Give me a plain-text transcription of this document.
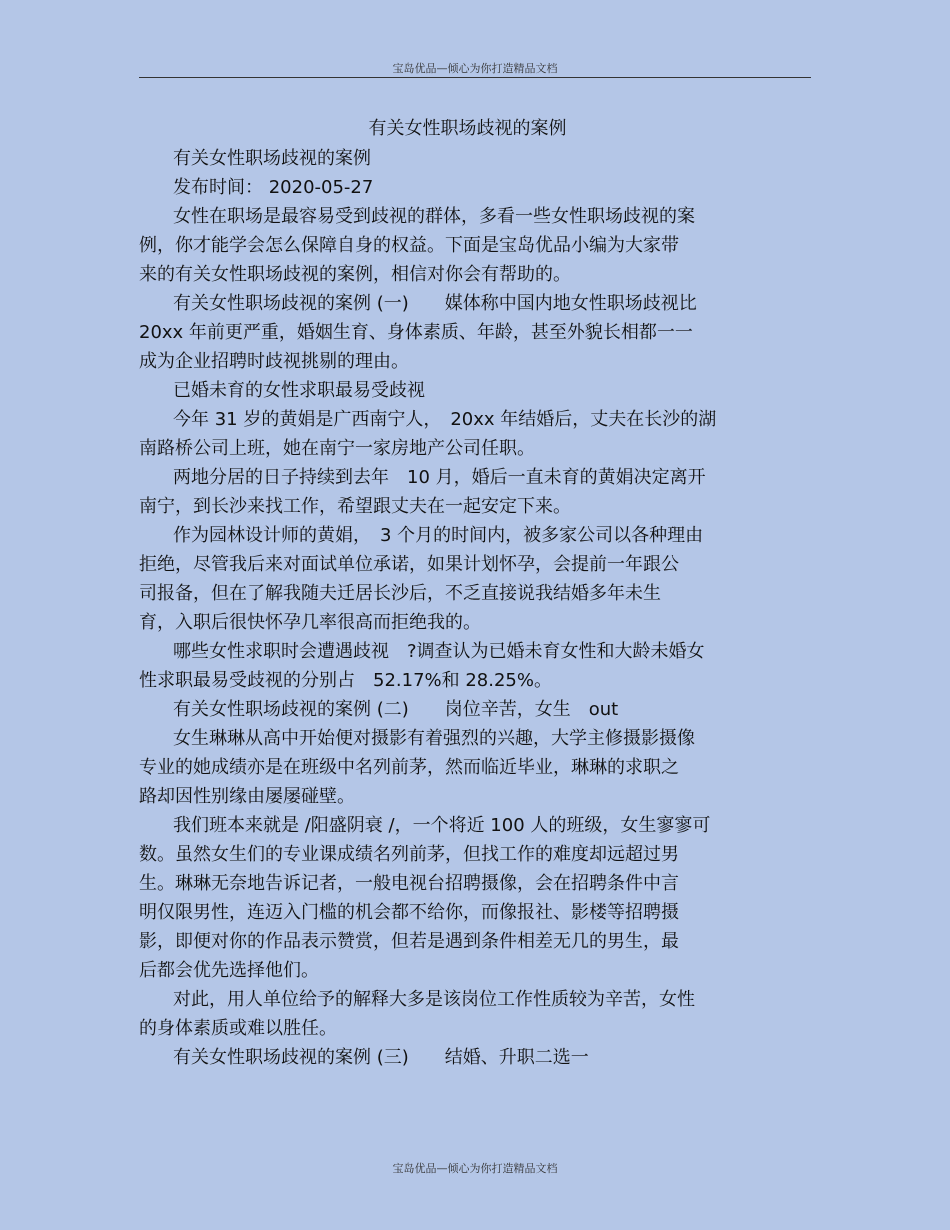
宝岛优品—倾心为你打造精品文档
有关女性职场歧视的案例
有关女性职场歧视的案例
发布时间： 2020-05-27
女性在职场是最容易受到歧视的群体，多看一些女性职场歧视的案
例，你才能学会怎么保障自身的权益。下面是宝岛优品小编为大家带
来的有关女性职场歧视的案例，相信对你会有帮助的。
有关女性职场歧视的案例 (一)　　媒体称中国内地女性职场歧视比
20xx 年前更严重，婚姻生育、身体素质、年龄，甚至外貌长相都一一
成为企业招聘时歧视挑剔的理由。
已婚未育的女性求职最易受歧视
今年 31 岁的黄娟是广西南宁人，　20xx 年结婚后，丈夫在长沙的湖
南路桥公司上班，她在南宁一家房地产公司任职。
两地分居的日子持续到去年　10 月，婚后一直未育的黄娟决定离开
南宁，到长沙来找工作，希望跟丈夫在一起安定下来。
作为园林设计师的黄娟，　3 个月的时间内，被多家公司以各种理由
拒绝，尽管我后来对面试单位承诺，如果计划怀孕，会提前一年跟公
司报备，但在了解我随夫迁居长沙后，不乏直接说我结婚多年未生
育，入职后很快怀孕几率很高而拒绝我的。
哪些女性求职时会遭遇歧视　?调查认为已婚未育女性和大龄未婚女
性求职最易受歧视的分别占　52.17%和 28.25%。
有关女性职场歧视的案例 (二)　　岗位辛苦，女生　out
女生琳琳从高中开始便对摄影有着强烈的兴趣，大学主修摄影摄像
专业的她成绩亦是在班级中名列前茅，然而临近毕业，琳琳的求职之
路却因性别缘由屡屡碰壁。
我们班本来就是 /阳盛阴衰 /，一个将近 100 人的班级，女生寥寥可
数。虽然女生们的专业课成绩名列前茅，但找工作的难度却远超过男
生。琳琳无奈地告诉记者，一般电视台招聘摄像，会在招聘条件中言
明仅限男性，连迈入门槛的机会都不给你，而像报社、影楼等招聘摄
影，即便对你的作品表示赞赏，但若是遇到条件相差无几的男生，最
后都会优先选择他们。
对此，用人单位给予的解释大多是该岗位工作性质较为辛苦，女性
的身体素质或难以胜任。
有关女性职场歧视的案例 (三)　　结婚、升职二选一
宝岛优品—倾心为你打造精品文档
